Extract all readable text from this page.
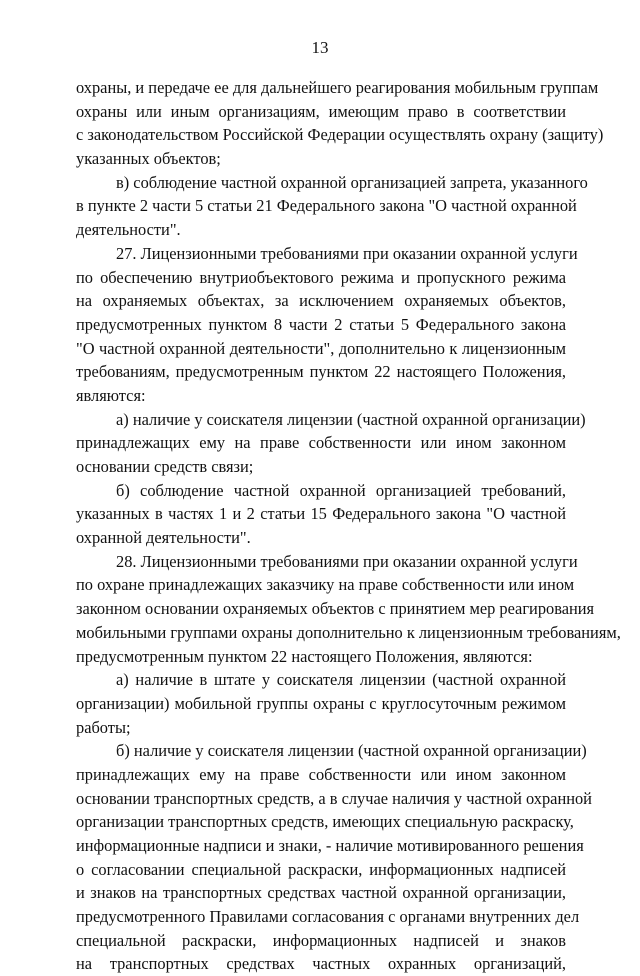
13
охраны, и передаче ее для дальнейшего реагирования мобильным группам
охраны или иным организациям, имеющим право в соответствии
с законодательством Российской Федерации осуществлять охрану (защиту)
указанных объектов;
в) соблюдение частной охранной организацией запрета, указанного
в пункте 2 части 5 статьи 21 Федерального закона "О частной охранной
деятельности".
27. Лицензионными требованиями при оказании охранной услуги
по обеспечению внутриобъектового режима и пропускного режима
на охраняемых объектах, за исключением охраняемых объектов,
предусмотренных пунктом 8 части 2 статьи 5 Федерального закона
"О частной охранной деятельности", дополнительно к лицензионным
требованиям, предусмотренным пунктом 22 настоящего Положения,
являются:
а) наличие у соискателя лицензии (частной охранной организации)
принадлежащих ему на праве собственности или ином законном
основании средств связи;
б) соблюдение частной охранной организацией требований,
указанных в частях 1 и 2 статьи 15 Федерального закона "О частной
охранной деятельности".
28. Лицензионными требованиями при оказании охранной услуги
по охране принадлежащих заказчику на праве собственности или ином
законном основании охраняемых объектов с принятием мер реагирования
мобильными группами охраны дополнительно к лицензионным требованиям,
предусмотренным пунктом 22 настоящего Положения, являются:
а) наличие в штате у соискателя лицензии (частной охранной
организации) мобильной группы охраны с круглосуточным режимом
работы;
б) наличие у соискателя лицензии (частной охранной организации)
принадлежащих ему на праве собственности или ином законном
основании транспортных средств, а в случае наличия у частной охранной
организации транспортных средств, имеющих специальную раскраску,
информационные надписи и знаки, - наличие мотивированного решения
о согласовании специальной раскраски, информационных надписей
и знаков на транспортных средствах частной охранной организации,
предусмотренного Правилами согласования с органами внутренних дел
специальной раскраски, информационных надписей и знаков
на транспортных средствах частных охранных организаций,
